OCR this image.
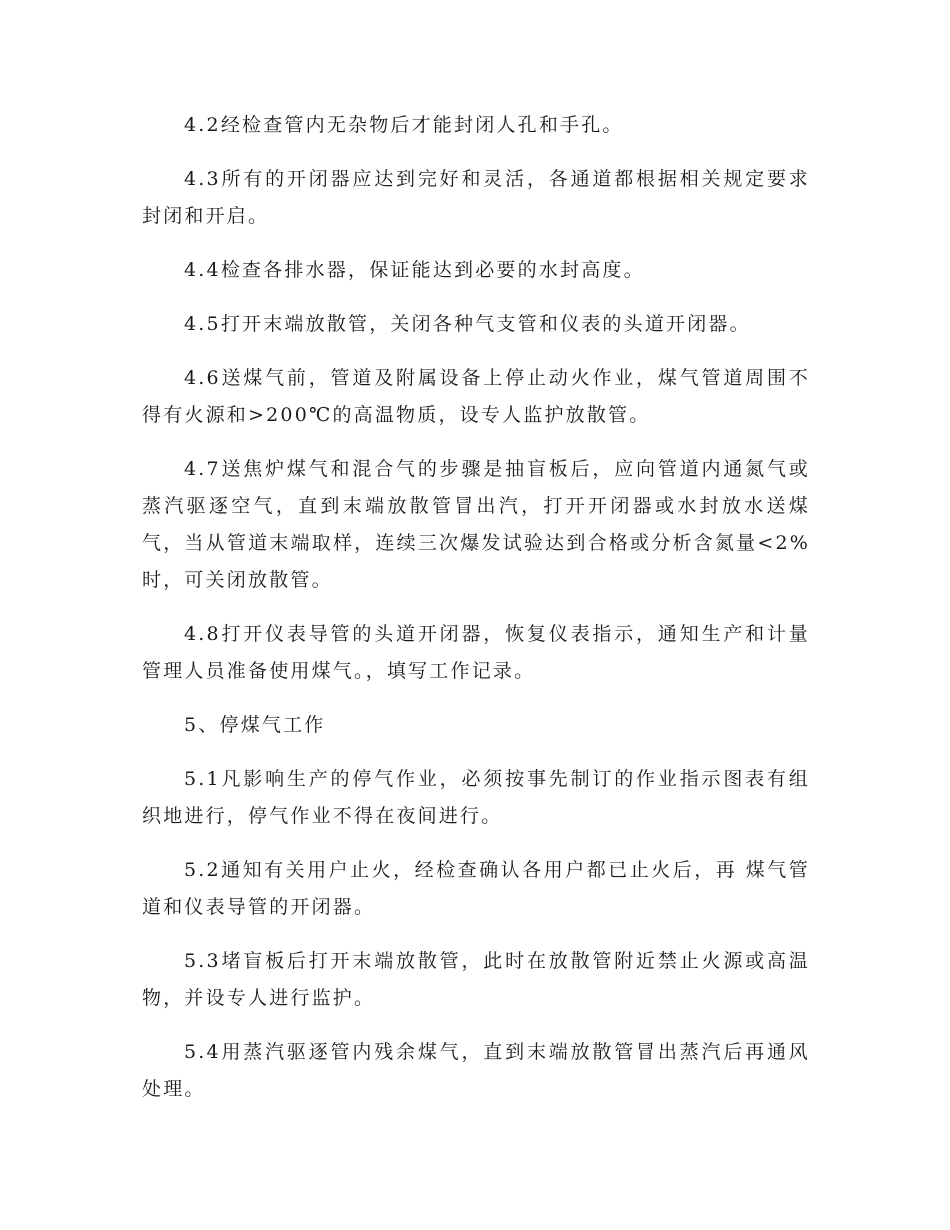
4.2经检查管内无杂物后才能封闭人孔和手孔。

4.3所有的开闭器应达到完好和灵活，各通道都根据相关规定要求封闭和开启。

4.4检查各排水器，保证能达到必要的水封高度。

4.5打开末端放散管，关闭各种气支管和仪表的头道开闭器。

4.6送煤气前，管道及附属设备上停止动火作业，煤气管道周围不得有火源和>200℃的高温物质，设专人监护放散管。

4.7送焦炉煤气和混合气的步骤是抽盲板后，应向管道内通氮气或蒸汽驱逐空气，直到末端放散管冒出汽，打开开闭器或水封放水送煤气，当从管道末端取样，连续三次爆发试验达到合格或分析含氮量<2%时，可关闭放散管。

4.8打开仪表导管的头道开闭器，恢复仪表指示，通知生产和计量管理人员准备使用煤气。，填写工作记录。

5、停煤气工作

5.1凡影响生产的停气作业，必须按事先制订的作业指示图表有组织地进行，停气作业不得在夜间进行。

5.2通知有关用户止火，经检查确认各用户都已止火后，再 煤气管道和仪表导管的开闭器。

5.3堵盲板后打开末端放散管，此时在放散管附近禁止火源或高温物，并设专人进行监护。

5.4用蒸汽驱逐管内残余煤气，直到末端放散管冒出蒸汽后再通风处理。
